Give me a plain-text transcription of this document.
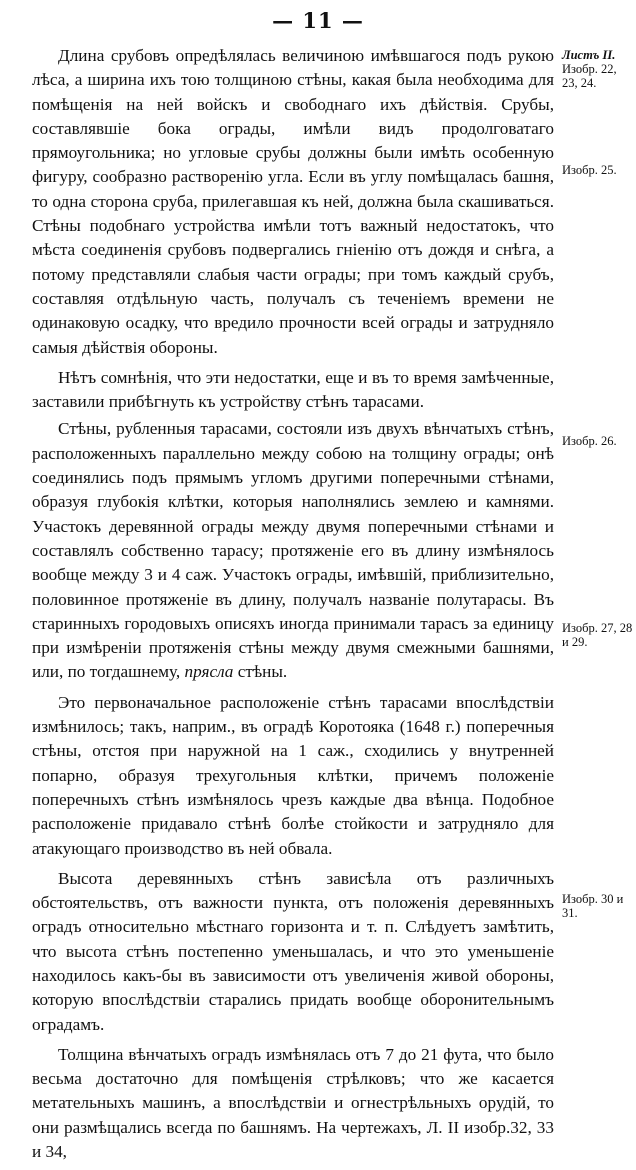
— 11 —

Длина срубовъ опредѣлялась величиною имѣвшагося подъ рукою лѣса, а ширина ихъ тою толщиною стѣны, какая была необходима для помѣщенія на ней войскъ и свободнаго ихъ дѣйствія. Срубы, составлявшіе бока ограды, имѣли видъ продолговатаго прямоугольника; но угловые срубы должны были имѣть особенную фигуру, сообразно раствoренію угла. Если въ углу помѣщалась башня, то одна сторона сруба, прилегавшая къ ней, должна была скашиваться. Стѣны подобнаго устройства имѣли тотъ важный недостатокъ, что мѣста соединенія срубовъ подвергались гніенію отъ дождя и снѣга, а потому представляли слабыя части ограды; при томъ каждый срубъ, составляя отдѣльную часть, получалъ съ теченіемъ времени не одинаковую осадку, что вредило прочности всей ограды и затрудняло самыя дѣйствія обороны.

Нѣтъ сомнѣнія, что эти недостатки, еще и въ то время замѣченные, заставили прибѣгнуть къ устройству стѣнъ тарасами.

Стѣны, рубленныя тарасами, состояли изъ двухъ вѣнчатыхъ стѣнъ, расположенныхъ параллельно между собою на толщину ограды; онѣ соединялись подъ прямымъ угломъ другими поперечными стѣнами, образуя глубокія клѣтки, которыя наполнялись землею и камнями. Участокъ деревянной ограды между двумя поперечными стѣнами и составлялъ собственно тарасу; протяженіе его въ длину измѣнялось вообще между 3 и 4 саж. Участокъ ограды, имѣвшій, приблизительно, половинное протяженіе въ длину, получалъ названіе полутарасы. Въ старинныхъ городовыхъ описяхъ иногда принимали тарасъ за единицу при измѣреніи протяженія стѣны между двумя смежными башнями, или, по тогдашнему, прясла стѣны.

Это первоначальное расположеніе стѣнъ тарасами впослѣдствіи измѣнилось; такъ, наприм., въ оградѣ Коротояка (1648 г.) поперечныя стѣны, отстоя при наружной на 1 саж., сходились у внутренней попарно, образуя трехугольныя клѣтки, причемъ положеніе поперечныхъ стѣнъ измѣнялось чрезъ каждые два вѣнца. Подобное расположеніе придавало стѣнѣ болѣе стойкости и затрудняло для атакующаго производство въ ней обвала.

Высота деревянныхъ стѣнъ зависѣла отъ различныхъ обстоятельствъ, отъ важности пункта, отъ положенія деревянныхъ оградъ относительно мѣстнаго горизонта и т. п. Слѣдуетъ замѣтить, что высота стѣнъ постепенно уменьшалась, и что это уменьшеніе находилось какъ-бы въ зависимости отъ увеличенія живой обороны, которую впослѣдствіи старались придать вообще оборонительнымъ оградамъ.

Толщина вѣнчатыхъ оградъ измѣнялась отъ 7 до 21 фута, что было весьма достаточно для помѣщенія стрѣлковъ; что же касается метательныхъ машинъ, а впослѣдствіи и огнестрѣльныхъ орудій, то они размѣщались всегда по башнямъ. На чертежахъ, Л. II изобр.32, 33 и 34,

Листъ II.
Изобр. 22, 23, 24.
Изобр. 25.
Изобр. 26.
Изобр. 27, 28 и 29.
Изобр. 30 и 31.
